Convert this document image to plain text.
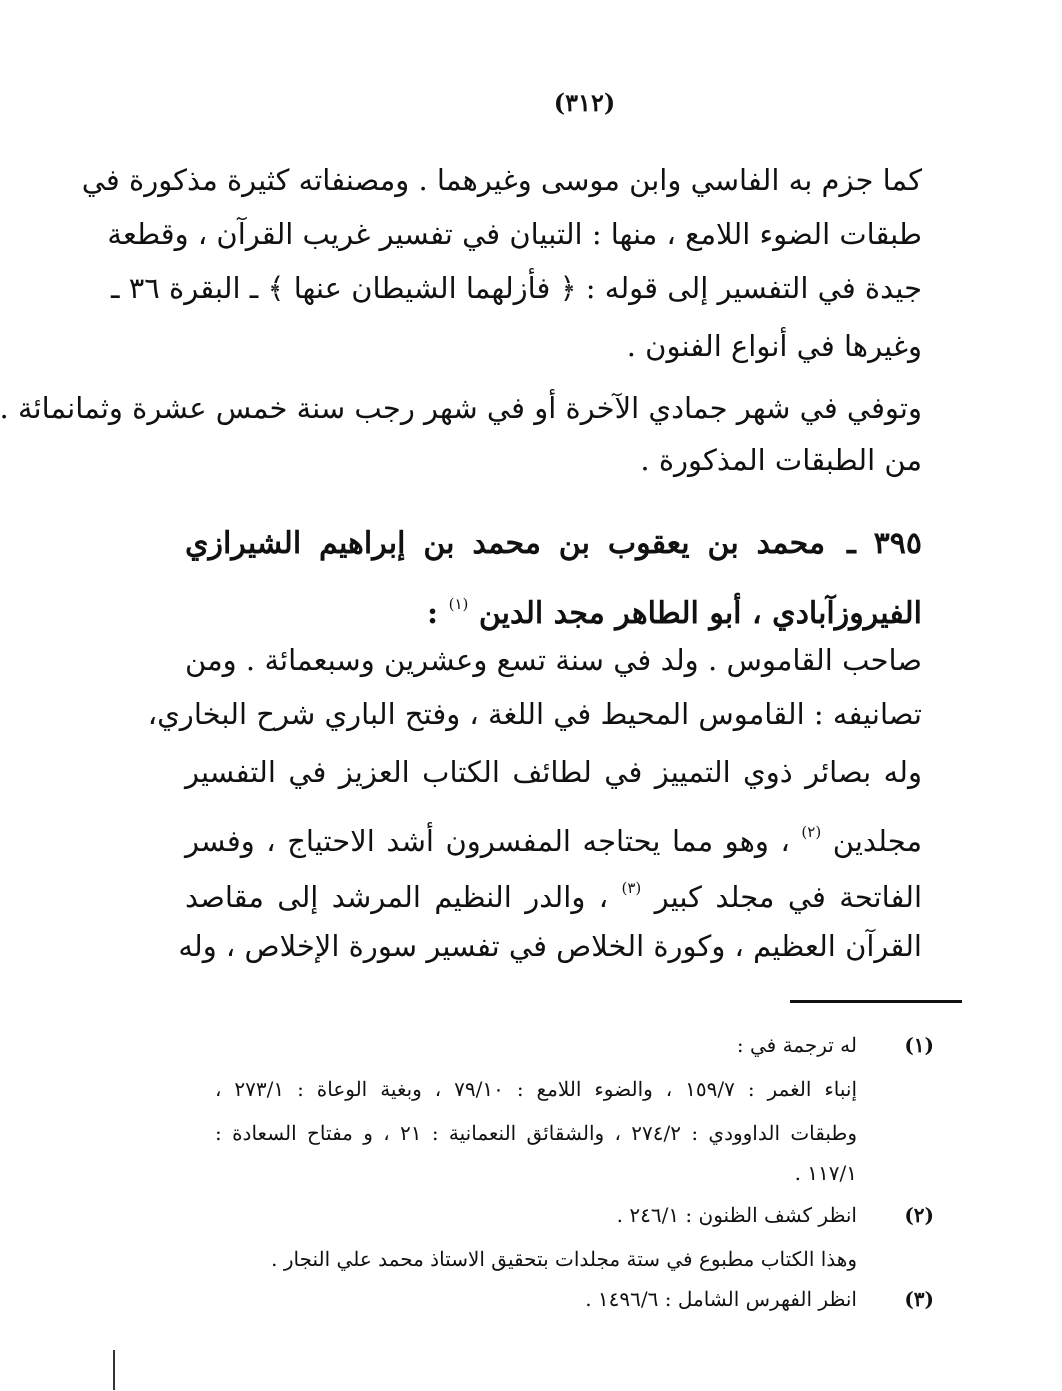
(٣١٢)
كما جزم به الفاسي وابن موسى وغيرهما . ومصنفاته كثيرة مذكورة في
طبقات الضوء اللامع ، منها : التبيان في تفسير غريب القرآن ، وقطعة
جيدة في التفسير إلى قوله : ﴿ فأزلهما الشيطان عنها ﴾ ـ البقرة ٣٦ ـ
وغيرها في أنواع الفنون .
وتوفي في شهر جمادي الآخرة أو في شهر رجب سنة خمس عشرة وثمانمائة .
من الطبقات المذكورة .
٣٩٥ ـ محمد بن يعقوب بن محمد بن إبراهيم الشيرازي
الفيروزآبادي ، أبو الطاهر مجد الدين $^{(١)}$ :
صاحب القاموس . ولد في سنة تسع وعشرين وسبعمائة . ومن
تصانيفه : القاموس المحيط في اللغة ، وفتح الباري شرح البخاري،
وله بصائر ذوي التمييز في لطائف الكتاب العزيز في التفسير
مجلدين $^{(٢)}$ ، وهو مما يحتاجه المفسرون أشد الاحتياج ، وفسر
الفاتحة في مجلد كبير $^{(٣)}$ ، والدر النظيم المرشد إلى مقاصد
القرآن العظيم ، وكورة الخلاص في تفسير سورة الإخلاص ، وله
(١)
له ترجمة في :
إنباء الغمر : ١٥٩/٧ ، والضوء اللامع : ٧٩/١٠ ، وبغية الوعاة : ٢٧٣/١ ،
وطبقات الداوودي : ٢٧٤/٢ ، والشقائق النعمانية : ٢١ ، و مفتاح السعادة :
١١٧/١ .
(٢)
انظر كشف الظنون : ٢٤٦/١ .
وهذا الكتاب مطبوع في ستة مجلدات بتحقيق الاستاذ محمد علي النجار .
(٣)
انظر الفهرس الشامل : ١٤٩٦/٦ .
